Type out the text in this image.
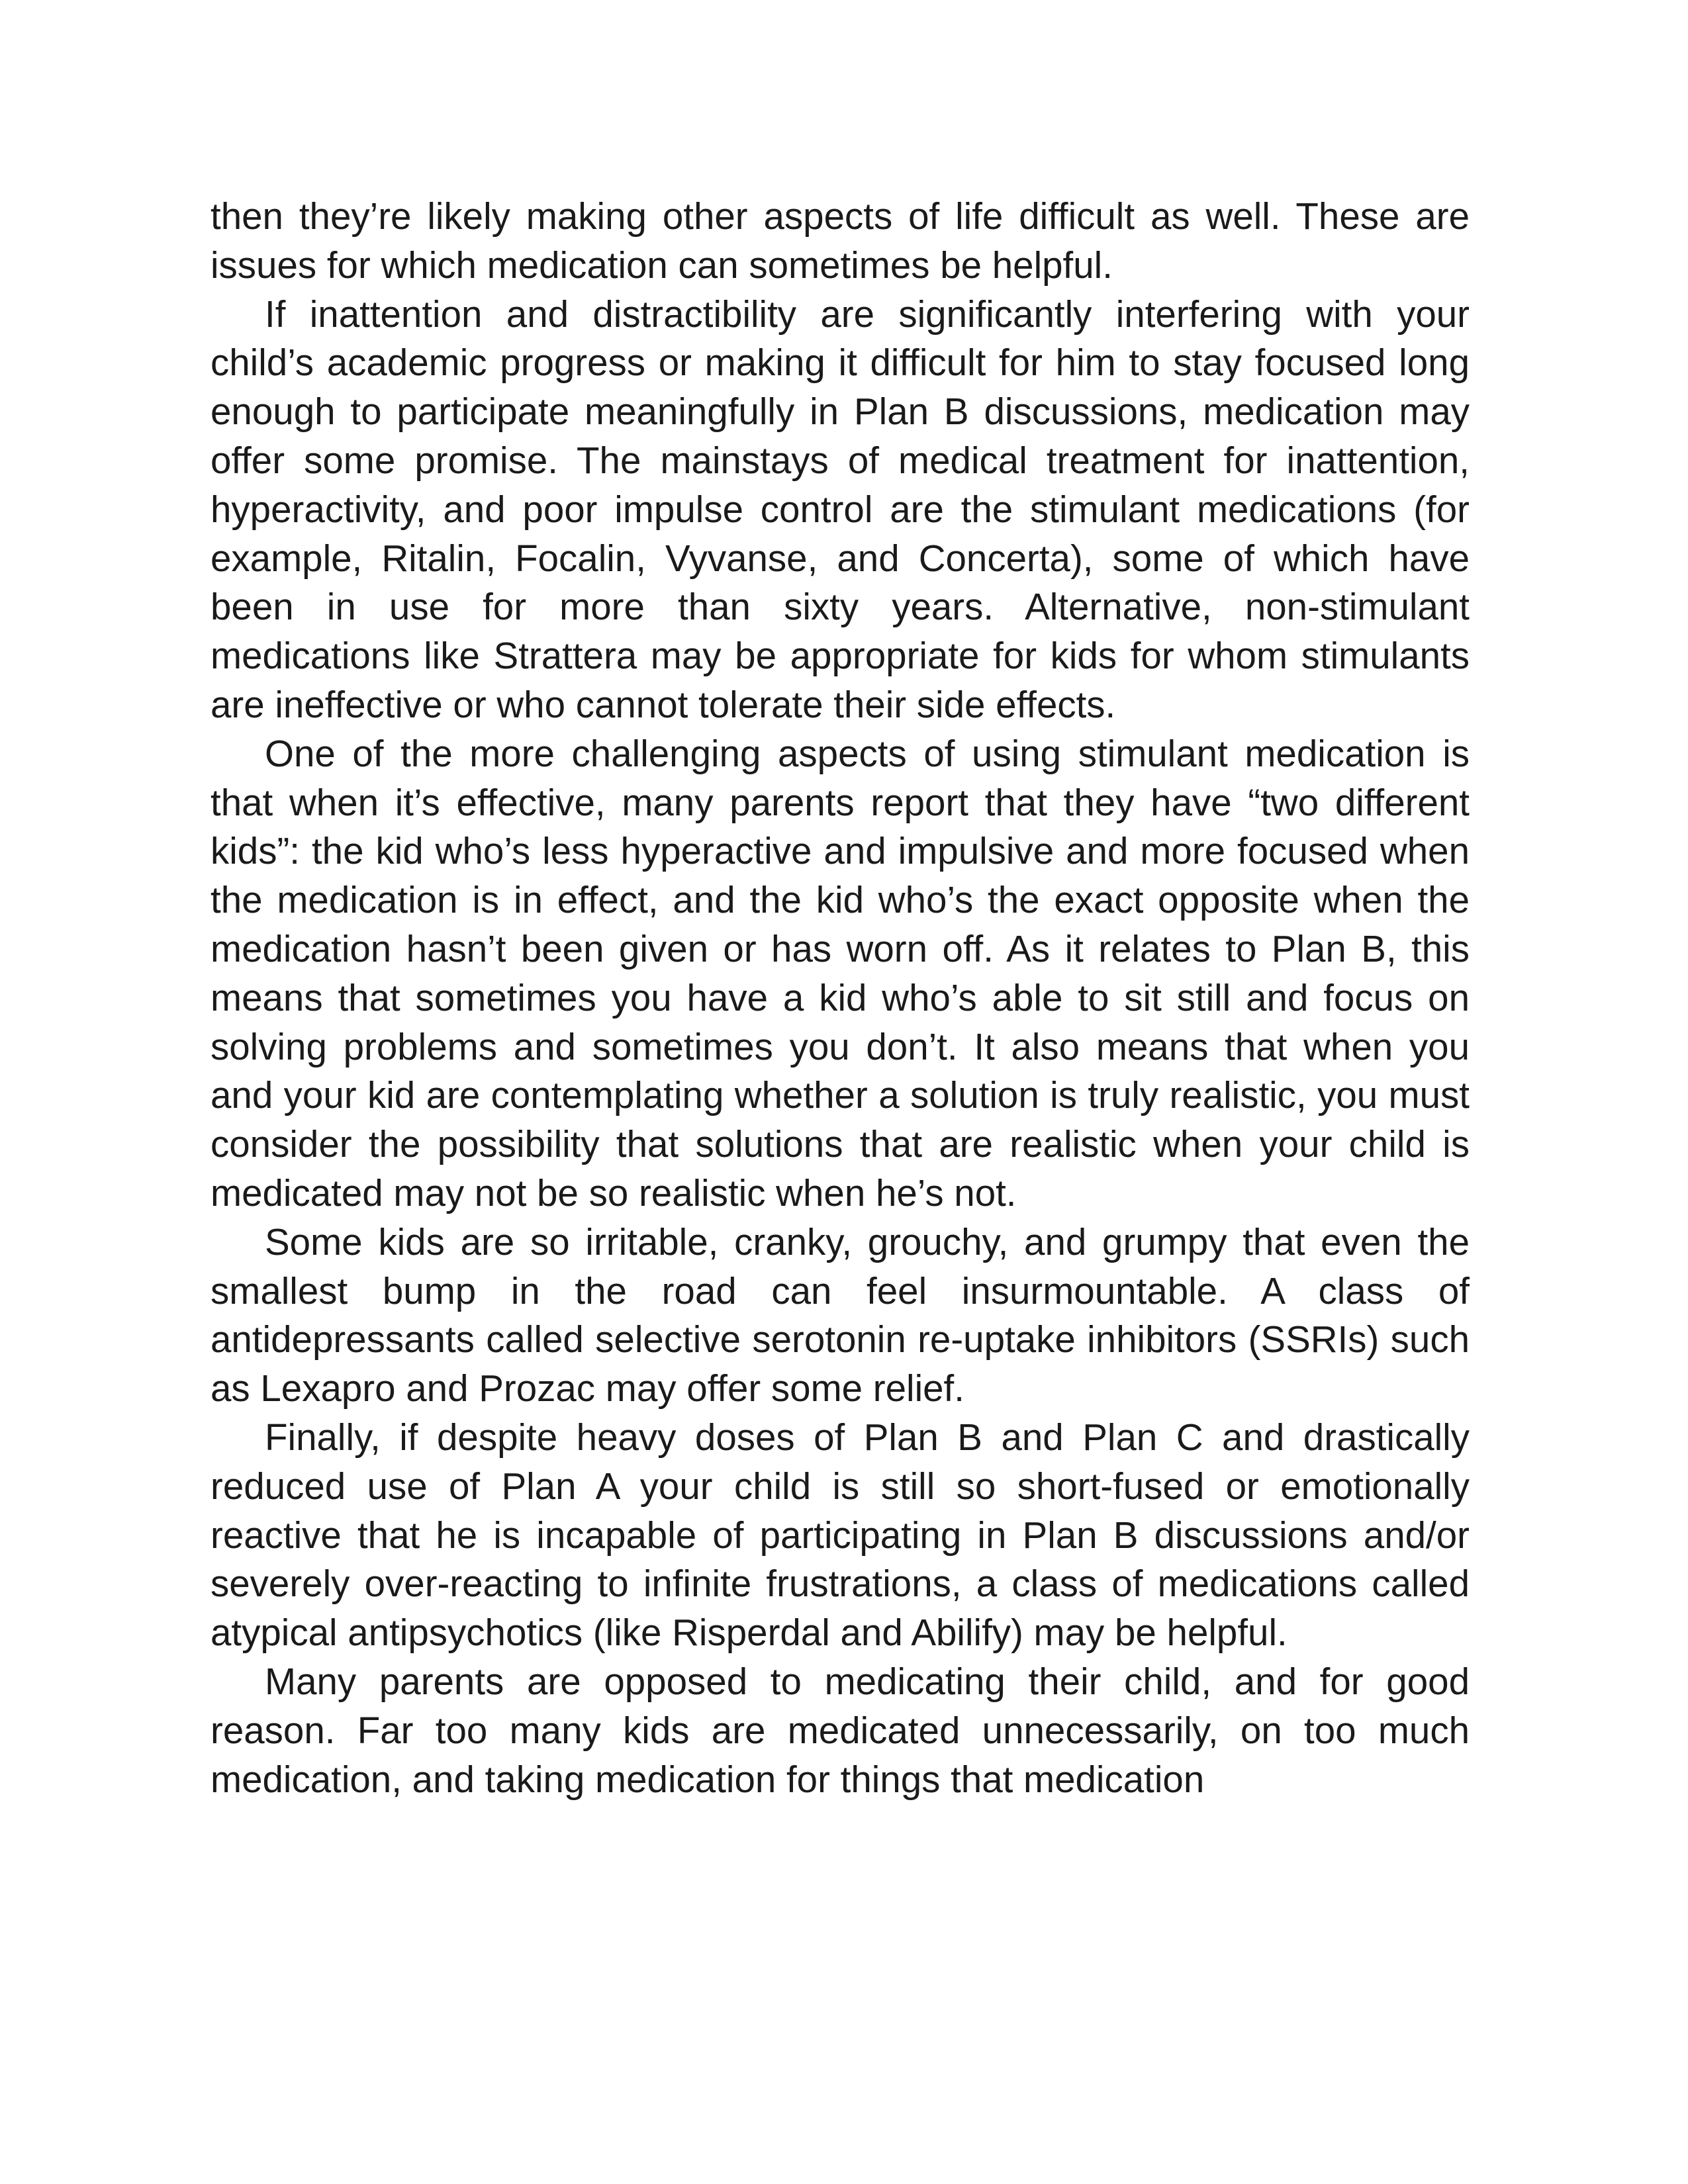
then they’re likely making other aspects of life difficult as well. These are issues for which medication can sometimes be helpful.

If inattention and distractibility are significantly interfering with your child’s academic progress or making it difficult for him to stay focused long enough to participate meaningfully in Plan B discussions, medication may offer some promise. The mainstays of medical treatment for inattention, hyperactivity, and poor impulse control are the stimulant medications (for example, Ritalin, Focalin, Vyvanse, and Concerta), some of which have been in use for more than sixty years. Alternative, non-stimulant medications like Strattera may be appropriate for kids for whom stimulants are ineffective or who cannot tolerate their side effects.

One of the more challenging aspects of using stimulant medication is that when it’s effective, many parents report that they have “two different kids”: the kid who’s less hyperactive and impulsive and more focused when the medication is in effect, and the kid who’s the exact opposite when the medication hasn’t been given or has worn off. As it relates to Plan B, this means that sometimes you have a kid who’s able to sit still and focus on solving problems and sometimes you don’t. It also means that when you and your kid are contemplating whether a solution is truly realistic, you must consider the possibility that solutions that are realistic when your child is medicated may not be so realistic when he’s not.

Some kids are so irritable, cranky, grouchy, and grumpy that even the smallest bump in the road can feel insurmountable. A class of antidepressants called selective serotonin re-uptake inhibitors (SSRIs) such as Lexapro and Prozac may offer some relief.

Finally, if despite heavy doses of Plan B and Plan C and drastically reduced use of Plan A your child is still so short-fused or emotionally reactive that he is incapable of participating in Plan B discussions and/or severely over-reacting to infinite frustrations, a class of medications called atypical antipsychotics (like Risperdal and Abilify) may be helpful.

Many parents are opposed to medicating their child, and for good reason. Far too many kids are medicated unnecessarily, on too much medication, and taking medication for things that medication
